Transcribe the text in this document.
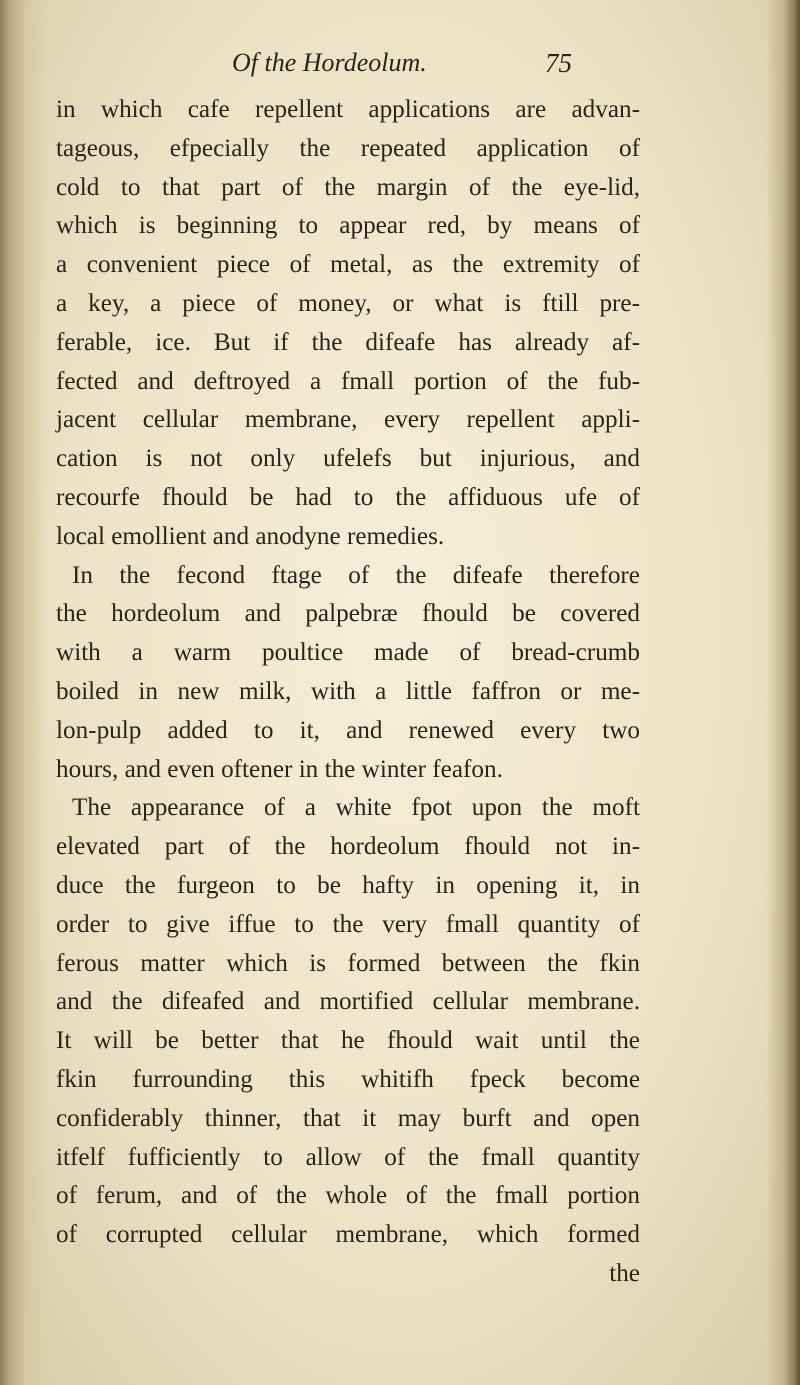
Of the Hordeolum.	75
in which cafe repellent applications are advan-
tageous, efpecially the repeated application of
cold to that part of the margin of the eye-lid,
which is beginning to appear red, by means of
a convenient piece of metal, as the extremity of
a key, a piece of money, or what is ftill pre-
ferable, ice. But if the difeafe has already af-
fected and deftroyed a fmall portion of the fub-
jacent cellular membrane, every repellent appli-
cation is not only ufelefs but injurious, and
recourfe fhould be had to the affiduous ufe of
local emollient and anodyne remedies.
In the fecond ftage of the difeafe therefore
the hordeolum and palpebræ fhould be covered
with a warm poultice made of bread-crumb
boiled in new milk, with a little faffron or me-
lon-pulp added to it, and renewed every two
hours, and even oftener in the winter feafon.
The appearance of a white fpot upon the moft
elevated part of the hordeolum fhould not in-
duce the furgeon to be hafty in opening it, in
order to give iffue to the very fmall quantity of
ferous matter which is formed between the fkin
and the difeafed and mortified cellular membrane.
It will be better that he fhould wait until the
fkin furrounding this whitifh fpeck become
confiderably thinner, that it may burft and open
itfelf fufficiently to allow of the fmall quantity
of ferum, and of the whole of the fmall portion
of corrupted cellular membrane, which formed
the
